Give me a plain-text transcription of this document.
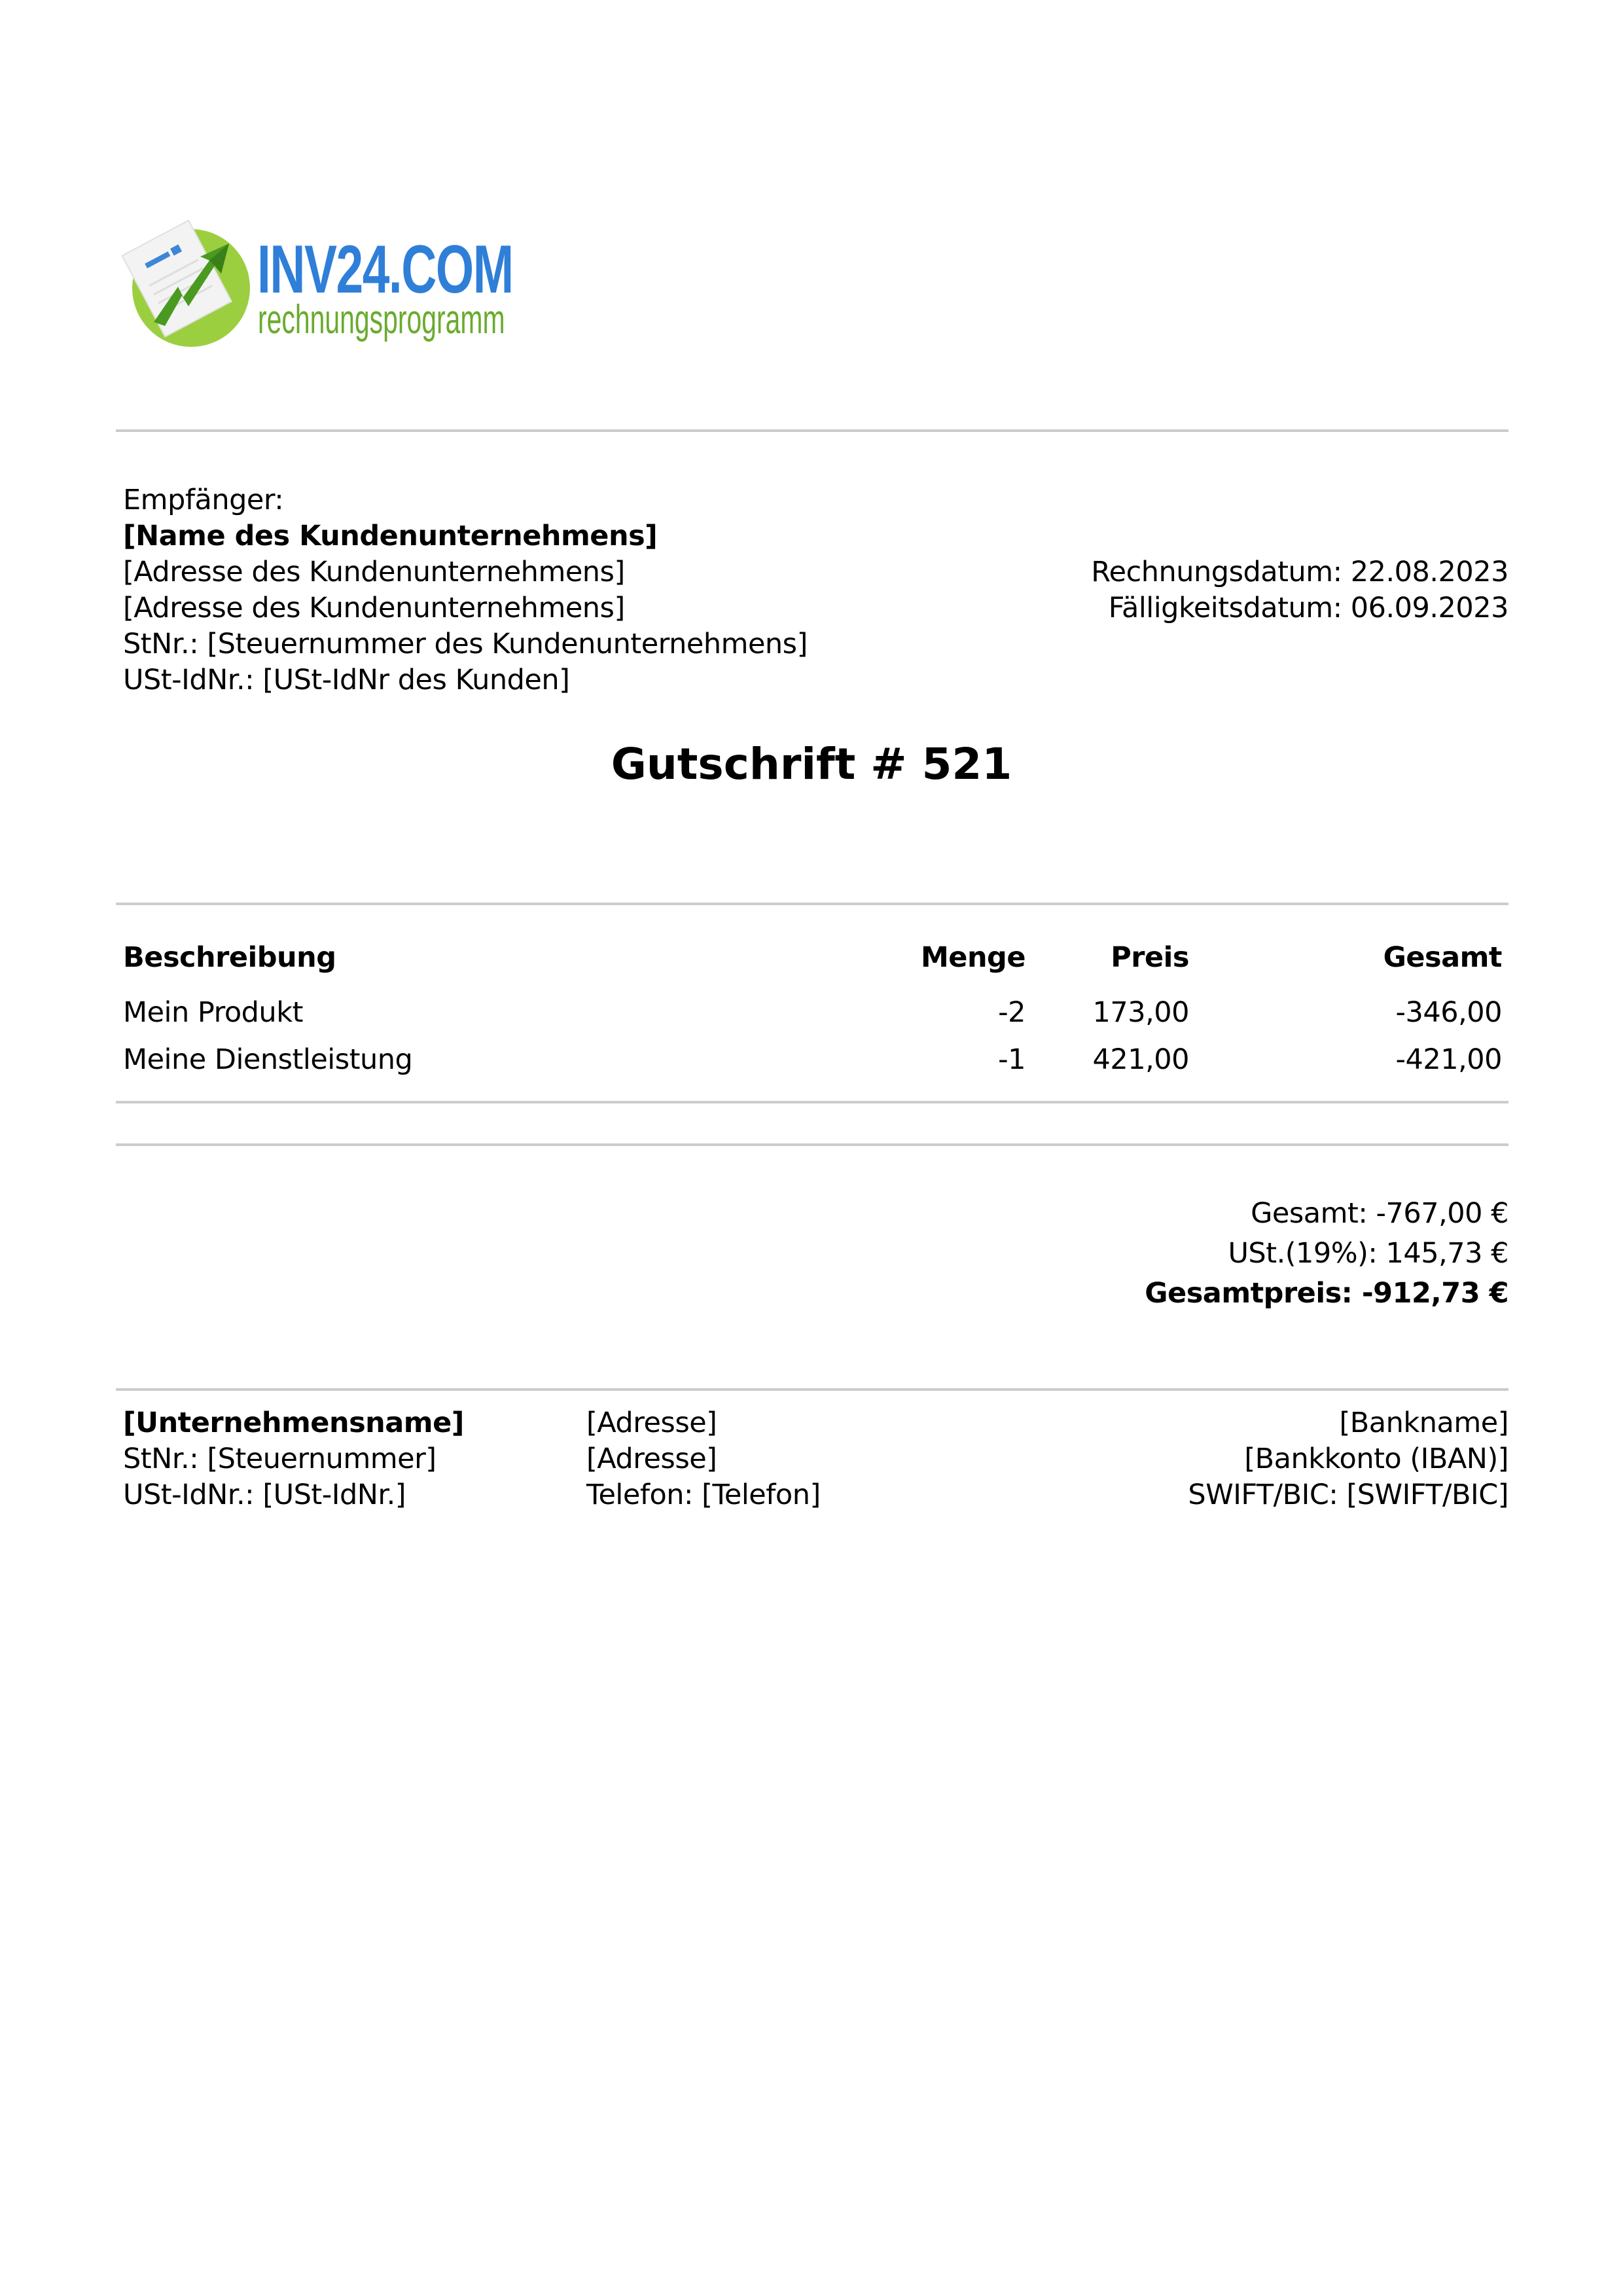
INV24.COM
rechnungsprogramm
Empfänger:
[Name des Kundenunternehmens]
[Adresse des Kundenunternehmens]
[Adresse des Kundenunternehmens]
StNr.: [Steuernummer des Kundenunternehmens]
USt-IdNr.: [USt-IdNr des Kunden]
Rechnungsdatum: 22.08.2023
Fälligkeitsdatum: 06.09.2023
Gutschrift # 521
Beschreibung	Menge	Preis	Gesamt
Mein Produkt	-2 173,00	-346,00
Meine Dienstleistung	-1 421,00	-421,00
Gesamt: -767,00 €
USt.(19%): 145,73 €
Gesamtpreis: -912,73 €
[Unternehmensname]
StNr.: [Steuernummer]
USt-IdNr.: [USt-IdNr.]
[Adresse]
[Adresse]
Telefon: [Telefon]
[Bankname]
[Bankkonto (IBAN)]
SWIFT/BIC: [SWIFT/BIC]
